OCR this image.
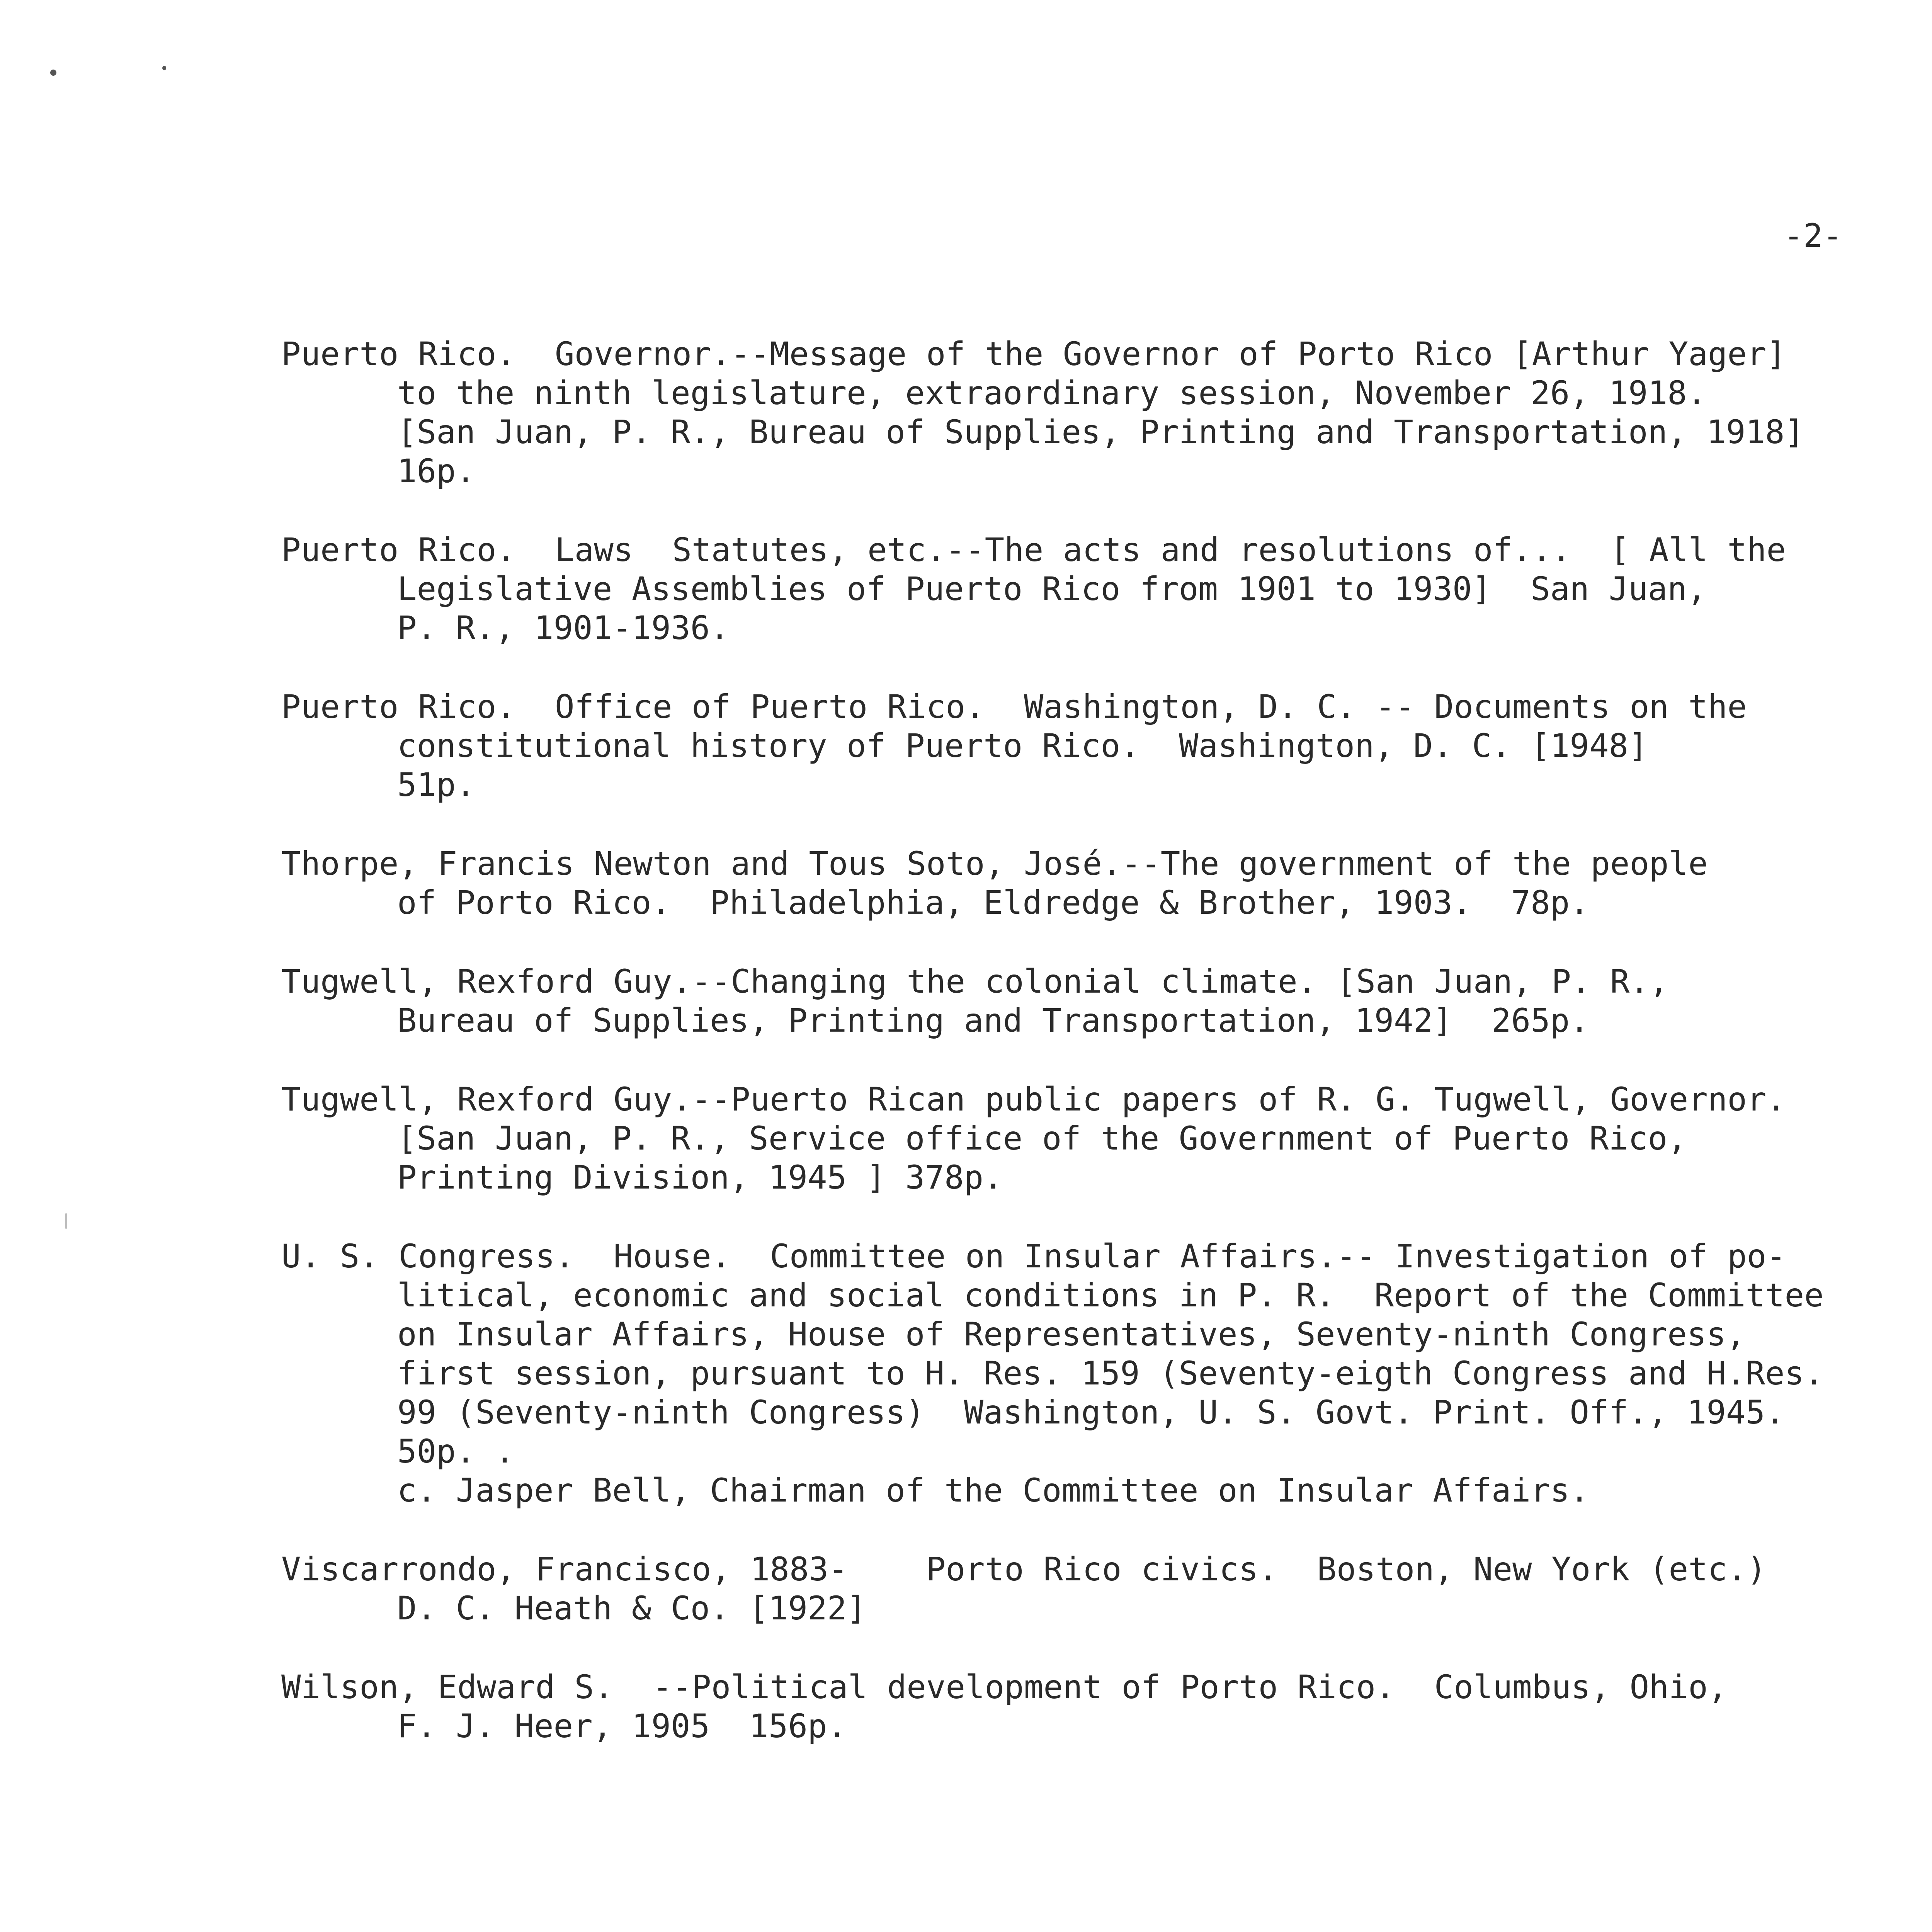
-2-

Puerto Rico.  Governor.--Message of the Governor of Porto Rico [Arthur Yager]

to the ninth legislature, extraordinary session, November 26, 1918.

[San Juan, P. R., Bureau of Supplies, Printing and Transportation, 1918]

16p.

Puerto Rico.  Laws  Statutes, etc.--The acts and resolutions of...  [ All the

Legislative Assemblies of Puerto Rico from 1901 to 1930]  San Juan,

P. R., 1901-1936.

Puerto Rico.  Office of Puerto Rico.  Washington, D. C. -- Documents on the

constitutional history of Puerto Rico.  Washington, D. C. [1948]

51p.

Thorpe, Francis Newton and Tous Soto, José.--The government of the people

of Porto Rico.  Philadelphia, Eldredge & Brother, 1903.  78p.

Tugwell, Rexford Guy.--Changing the colonial climate. [San Juan, P. R.,

Bureau of Supplies, Printing and Transportation, 1942]  265p.

Tugwell, Rexford Guy.--Puerto Rican public papers of R. G. Tugwell, Governor.

[San Juan, P. R., Service office of the Government of Puerto Rico,

Printing Division, 1945 ] 378p.

U. S. Congress.  House.  Committee on Insular Affairs.-- Investigation of po-

litical, economic and social conditions in P. R.  Report of the Committee

on Insular Affairs, House of Representatives, Seventy-ninth Congress,

first session, pursuant to H. Res. 159 (Seventy-eigth Congress and H.Res.

99 (Seventy-ninth Congress)  Washington, U. S. Govt. Print. Off., 1945.

50p. .

c. Jasper Bell, Chairman of the Committee on Insular Affairs.

Viscarrondo, Francisco, 1883-    Porto Rico civics.  Boston, New York (etc.)

D. C. Heath & Co. [1922]

Wilson, Edward S.  --Political development of Porto Rico.  Columbus, Ohio,

F. J. Heer, 1905  156p.
